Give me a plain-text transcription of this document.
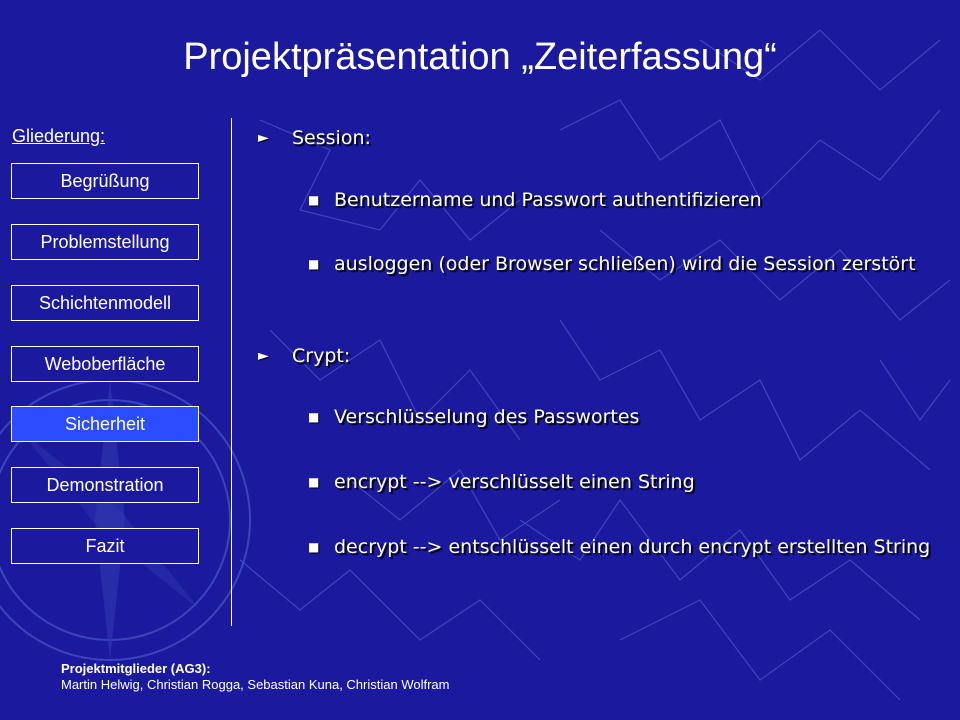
Projektpräsentation „Zeiterfassung“
Gliederung:
Begrüßung
Problemstellung
Schichtenmodell
Weboberfläche
Sicherheit
Demonstration
Fazit
► Session:
■ Benutzername und Passwort authentifizieren
■ ausloggen (oder Browser schließen) wird die Session zerstört
► Crypt:
■ Verschlüsselung des Passwortes
■ encrypt --> verschlüsselt einen String
■ decrypt --> entschlüsselt einen durch encrypt erstellten String
Projektmitglieder (AG3):
Martin Helwig, Christian Rogga, Sebastian Kuna, Christian Wolfram
